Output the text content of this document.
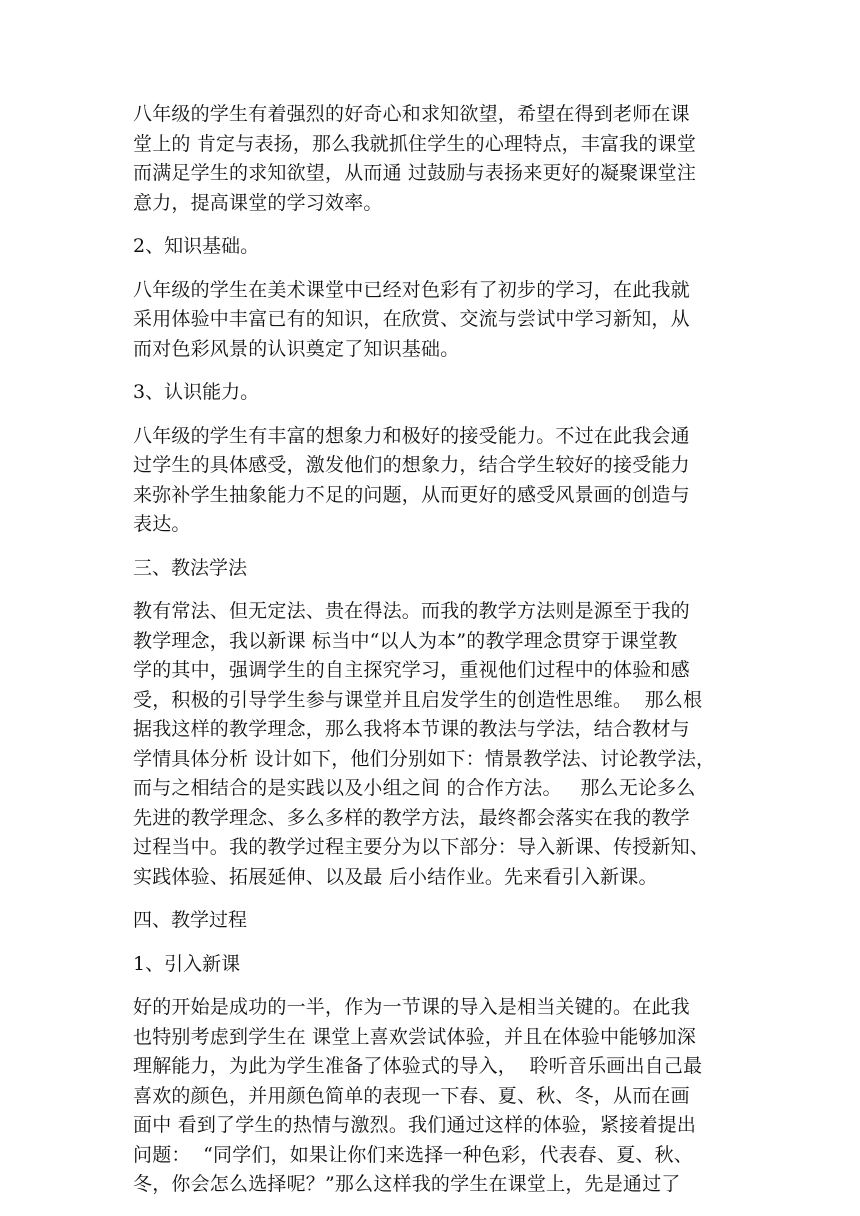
八年级的学生有着强烈的好奇心和求知欲望，希望在得到老师在课
堂上的 肯定与表扬，那么我就抓住学生的心理特点，丰富我的课堂
而满足学生的求知欲望，从而通 过鼓励与表扬来更好的凝聚课堂注
意力，提高课堂的学习效率。
2、知识基础。
八年级的学生在美术课堂中已经对色彩有了初步的学习，在此我就
采用体验中丰富已有的知识，在欣赏、交流与尝试中学习新知，从
而对色彩风景的认识奠定了知识基础。
3、认识能力。
八年级的学生有丰富的想象力和极好的接受能力。不过在此我会通
过学生的具体感受，激发他们的想象力，结合学生较好的接受能力
来弥补学生抽象能力不足的问题，从而更好的感受风景画的创造与
表达。
三、教法学法
教有常法、但无定法、贵在得法。而我的教学方法则是源至于我的
教学理念，我以新课 标当中“以人为本”的教学理念贯穿于课堂教
学的其中，强调学生的自主探究学习，重视他们过程中的体验和感
受，积极的引导学生参与课堂并且启发学生的创造性思维。  那么根
据我这样的教学理念，那么我将本节课的教法与学法，结合教材与
学情具体分析 设计如下，他们分别如下：情景教学法、讨论教学法，
而与之相结合的是实践以及小组之间 的合作方法。   那么无论多么
先进的教学理念、多么多样的教学方法，最终都会落实在我的教学
过程当中。我的教学过程主要分为以下部分：导入新课、传授新知、
实践体验、拓展延伸、以及最 后小结作业。先来看引入新课。
四、教学过程
1、引入新课
好的开始是成功的一半，作为一节课的导入是相当关键的。在此我
也特别考虑到学生在 课堂上喜欢尝试体验，并且在体验中能够加深
理解能力，为此为学生准备了体验式的导入，  聆听音乐画出自己最
喜欢的颜色，并用颜色简单的表现一下春、夏、秋、冬，从而在画
面中 看到了学生的热情与激烈。我们通过这样的体验，紧接着提出
问题：  “同学们，如果让你们来选择一种色彩，代表春、夏、秋、
冬，你会怎么选择呢？”那么这样我的学生在课堂上，先是通过了
